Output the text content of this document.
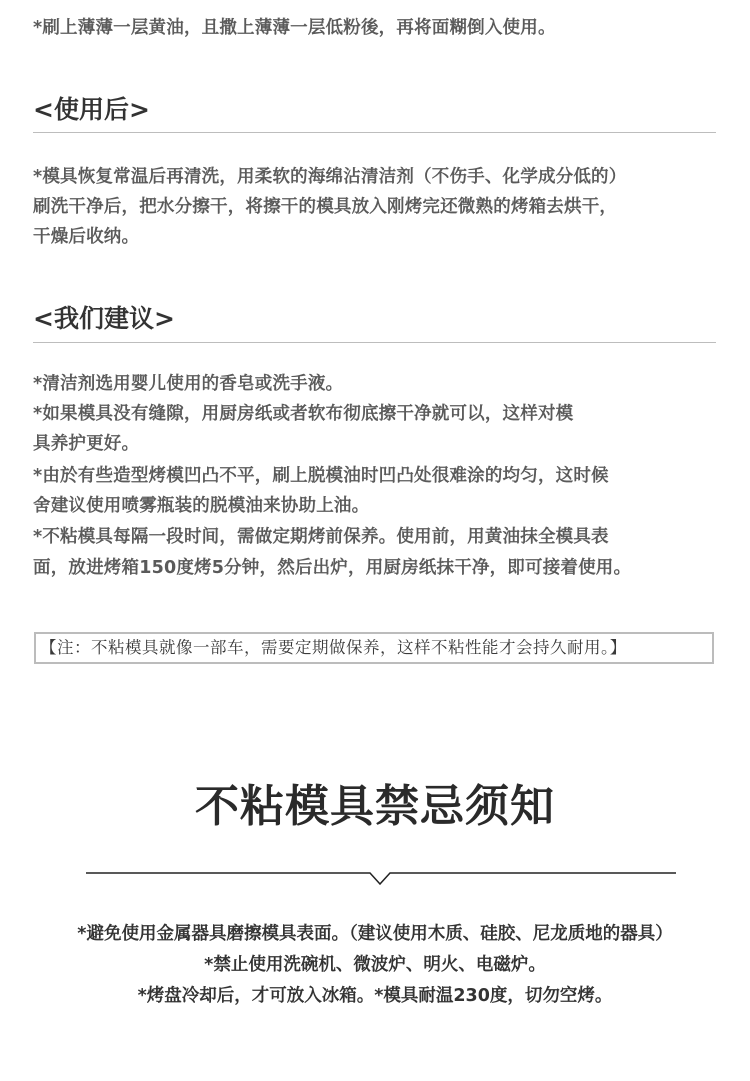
*刷上薄薄一层黄油，且撒上薄薄一层低粉後，再将面糊倒入使用。

<使用后>

*模具恢复常温后再清洗，用柔软的海绵沾清洁剂（不伤手、化学成分低的）

刷洗干净后，把水分擦干，将擦干的模具放入刚烤完还微熟的烤箱去烘干，

干燥后收纳。

<我们建议>

*清洁剂选用婴儿使用的香皂或洗手液。

*如果模具没有缝隙，用厨房纸或者软布彻底擦干净就可以，这样对模

具养护更好。

*由於有些造型烤模凹凸不平，刷上脱模油时凹凸处很难涂的均匀，这时候

舍建议使用喷雾瓶装的脱模油来协助上油。

*不粘模具每隔一段时间，需做定期烤前保养。使用前，用黄油抹全模具表

面，放进烤箱150度烤5分钟，然后出炉，用厨房纸抹干净，即可接着使用。

【注：不粘模具就像一部车，需要定期做保养，这样不粘性能才会持久耐用。】
不粘模具禁忌须知

*避免使用金属器具磨擦模具表面。（建议使用木质、硅胶、尼龙质地的器具）

*禁止使用洗碗机、微波炉、明火、电磁炉。

*烤盘冷却后，才可放入冰箱。*模具耐温230度，切勿空烤。
